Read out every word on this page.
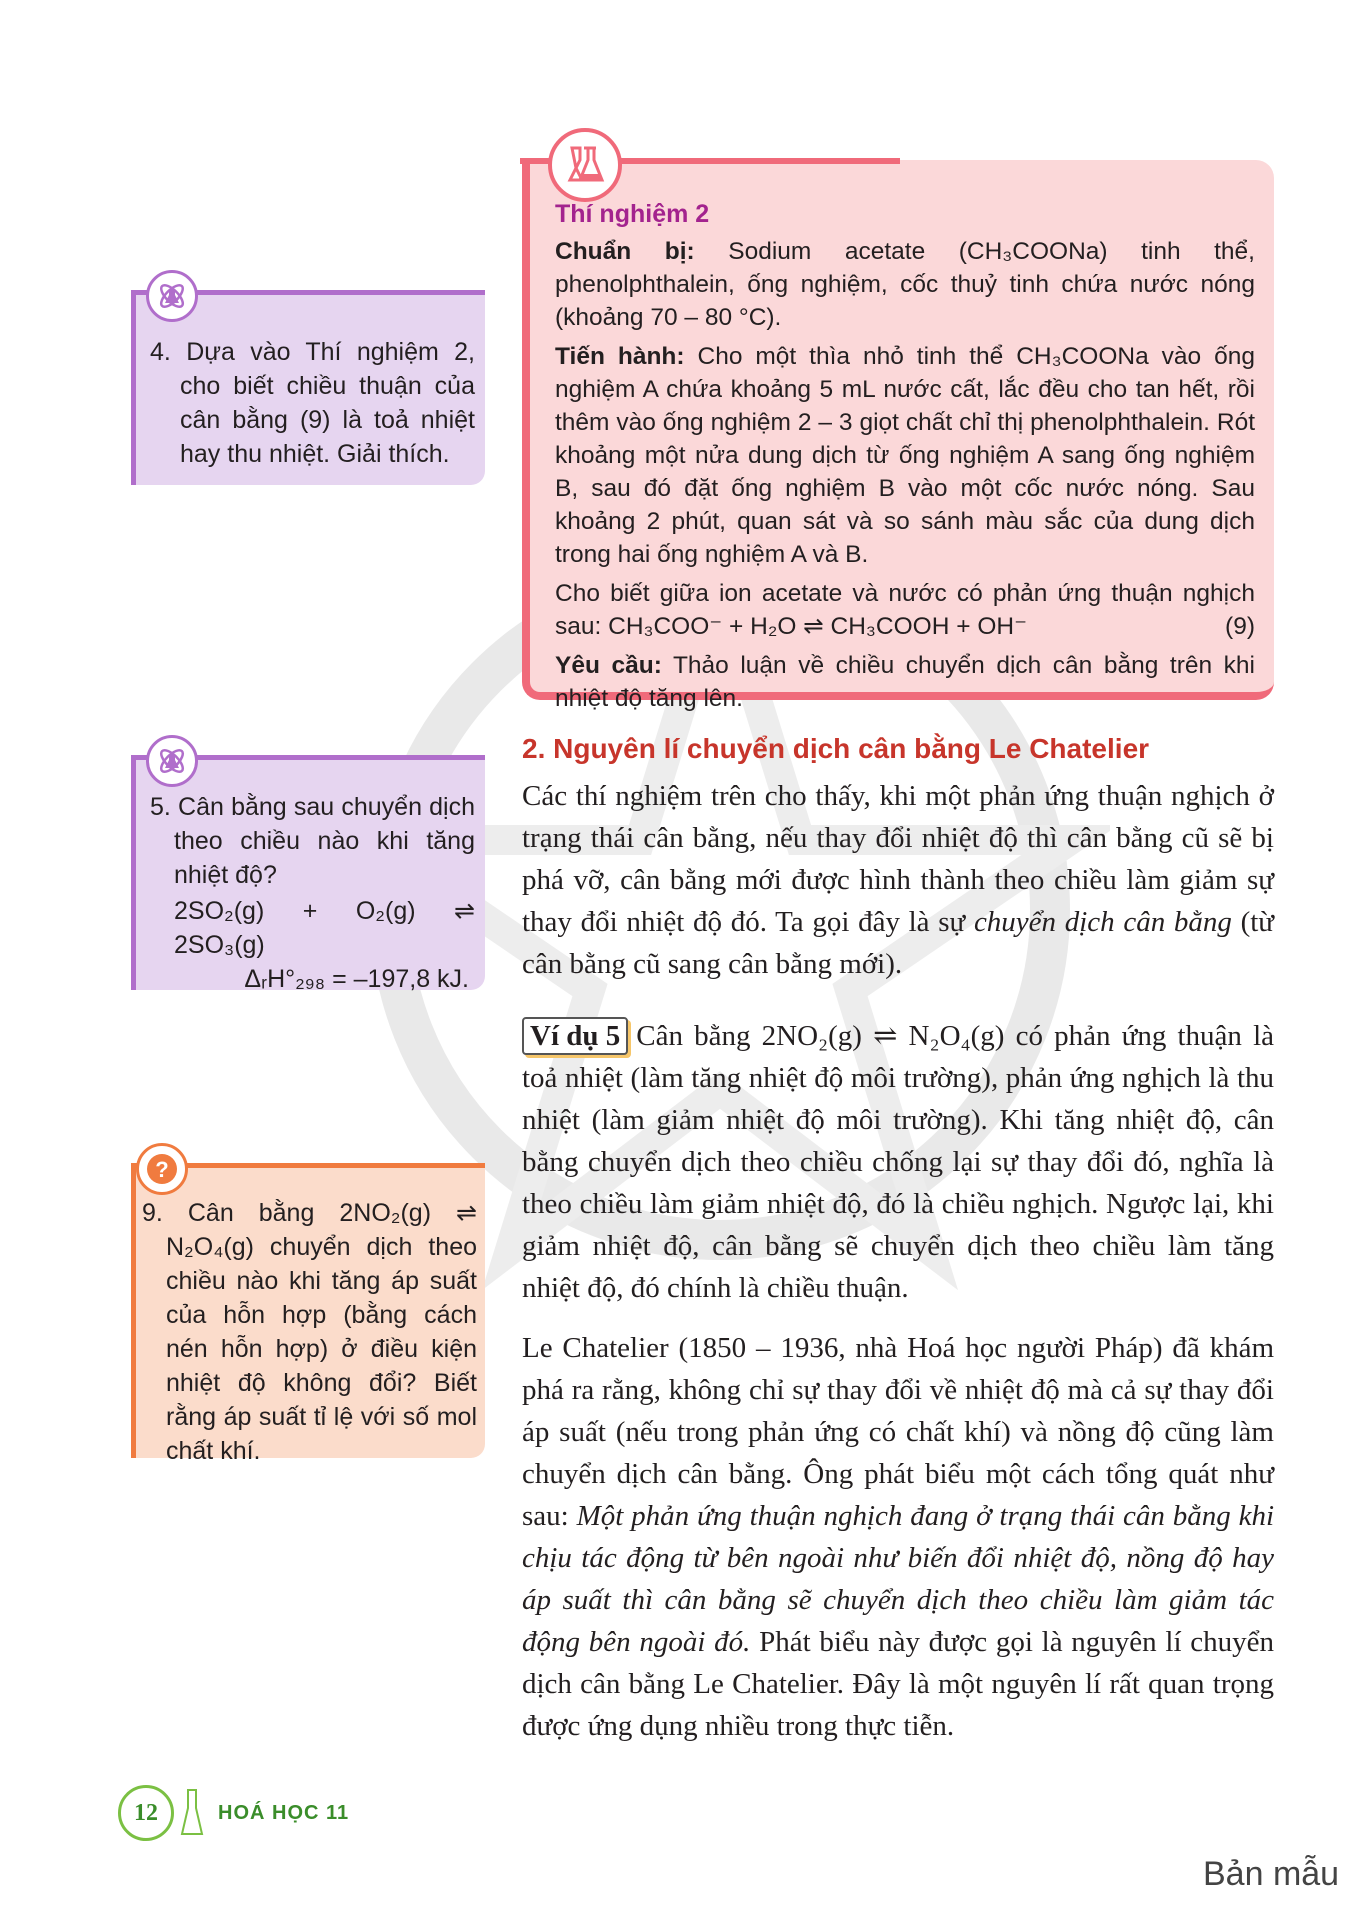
4. Dựa vào Thí nghiệm 2, cho biết chiều thuận của cân bằng (9) là toả nhiệt hay thu nhiệt. Giải thích.
5. Cân bằng sau chuyển dịch theo chiều nào khi tăng nhiệt độ?
2SO₂(g) + O₂(g) ⇌ 2SO₃(g)
ΔᵣH°₂₉₈ = –197,8 kJ.
?
9. Cân bằng 2NO₂(g) ⇌ N₂O₄(g) chuyển dịch theo chiều nào khi tăng áp suất của hỗn hợp (bằng cách nén hỗn hợp) ở điều kiện nhiệt độ không đổi? Biết rằng áp suất tỉ lệ với số mol chất khí.
Thí nghiệm 2

Chuẩn bị: Sodium acetate (CH₃COONa) tinh thể, phenolphthalein, ống nghiệm, cốc thuỷ tinh chứa nước nóng (khoảng 70 – 80 °C).

Tiến hành: Cho một thìa nhỏ tinh thể CH₃COONa vào ống nghiệm A chứa khoảng 5 mL nước cất, lắc đều cho tan hết, rồi thêm vào ống nghiệm 2 – 3 giọt chất chỉ thị phenolphthalein. Rót khoảng một nửa dung dịch từ ống nghiệm A sang ống nghiệm B, sau đó đặt ống nghiệm B vào một cốc nước nóng. Sau khoảng 2 phút, quan sát và so sánh màu sắc của dung dịch trong hai ống nghiệm A và B.

Cho biết giữa ion acetate và nước có phản ứng thuận nghịch sau: CH₃COO⁻ + H₂O ⇌ CH₃COOH + OH⁻	(9)

Yêu cầu: Thảo luận về chiều chuyển dịch cân bằng trên khi nhiệt độ tăng lên.

2. Nguyên lí chuyển dịch cân bằng Le Chatelier
Các thí nghiệm trên cho thấy, khi một phản ứng thuận nghịch ở trạng thái cân bằng, nếu thay đổi nhiệt độ thì cân bằng cũ sẽ bị phá vỡ, cân bằng mới được hình thành theo chiều làm giảm sự thay đổi nhiệt độ đó. Ta gọi đây là sự chuyển dịch cân bằng (từ cân bằng cũ sang cân bằng mới).
Ví dụ 5 Cân bằng 2NO₂(g) ⇌ N₂O₄(g) có phản ứng thuận là toả nhiệt (làm tăng nhiệt độ môi trường), phản ứng nghịch là thu nhiệt (làm giảm nhiệt độ môi trường). Khi tăng nhiệt độ, cân bằng chuyển dịch theo chiều chống lại sự thay đổi đó, nghĩa là theo chiều làm giảm nhiệt độ, đó là chiều nghịch. Ngược lại, khi giảm nhiệt độ, cân bằng sẽ chuyển dịch theo chiều làm tăng nhiệt độ, đó chính là chiều thuận.
Le Chatelier (1850 – 1936, nhà Hoá học người Pháp) đã khám phá ra rằng, không chỉ sự thay đổi về nhiệt độ mà cả sự thay đổi áp suất (nếu trong phản ứng có chất khí) và nồng độ cũng làm chuyển dịch cân bằng. Ông phát biểu một cách tổng quát như sau: Một phản ứng thuận nghịch đang ở trạng thái cân bằng khi chịu tác động từ bên ngoài như biến đổi nhiệt độ, nồng độ hay áp suất thì cân bằng sẽ chuyển dịch theo chiều làm giảm tác động bên ngoài đó. Phát biểu này được gọi là nguyên lí chuyển dịch cân bằng Le Chatelier. Đây là một nguyên lí rất quan trọng được ứng dụng nhiều trong thực tiễn.
12	HOÁ HỌC 11
Bản mẫu
